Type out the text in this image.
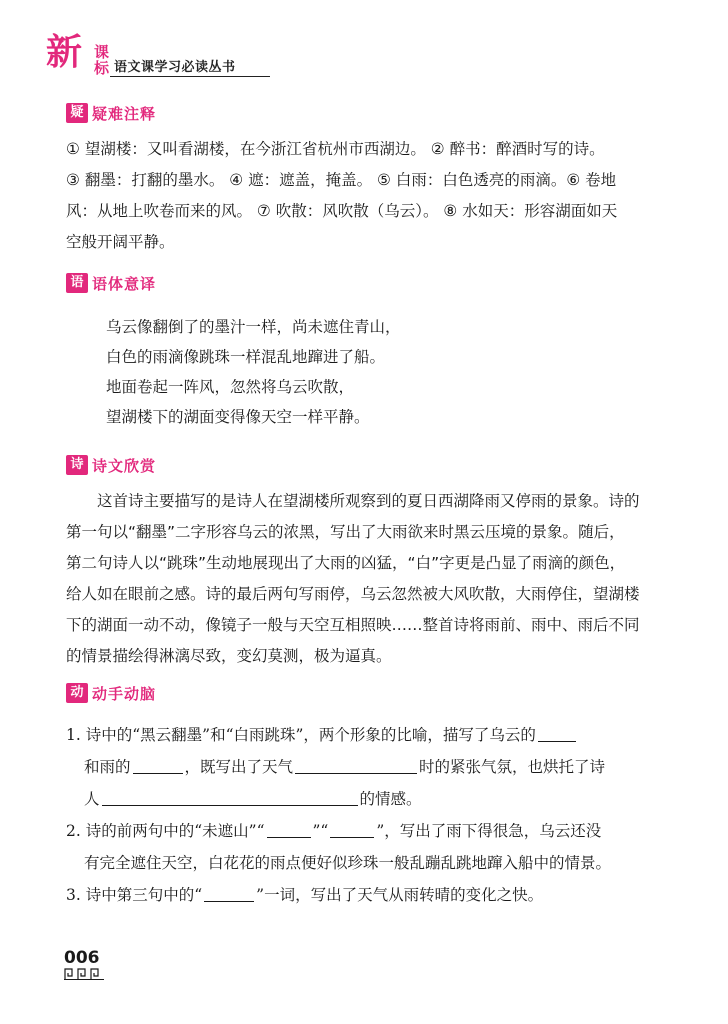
新 课
标 语文课学习必读丛书
疑 疑难注释
① 望湖楼：又叫看湖楼，在今浙江省杭州市西湖边。 ② 醉书：醉酒时写的诗。
③ 翻墨：打翻的墨水。 ④ 遮：遮盖，掩盖。 ⑤ 白雨：白色透亮的雨滴。⑥ 卷地
风：从地上吹卷而来的风。 ⑦ 吹散：风吹散（乌云）。 ⑧ 水如天：形容湖面如天
空般开阔平静。
语 语体意译
乌云像翻倒了的墨汁一样，尚未遮住青山，
白色的雨滴像跳珠一样混乱地蹿进了船。
地面卷起一阵风，忽然将乌云吹散，
望湖楼下的湖面变得像天空一样平静。
诗 诗文欣赏
这首诗主要描写的是诗人在望湖楼所观察到的夏日西湖降雨又停雨的景象。诗的
第一句以“翻墨”二字形容乌云的浓黑，写出了大雨欲来时黑云压境的景象。随后，
第二句诗人以“跳珠”生动地展现出了大雨的凶猛，“白”字更是凸显了雨滴的颜色，
给人如在眼前之感。诗的最后两句写雨停，乌云忽然被大风吹散，大雨停住，望湖楼
下的湖面一动不动，像镜子一般与天空互相照映……整首诗将雨前、雨中、雨后不同
的情景描绘得淋漓尽致，变幻莫测，极为逼真。
动 动手动脑
1. 诗中的“黑云翻墨”和“白雨跳珠”，两个形象的比喻，描写了乌云的
和雨的	，既写出了天气	时的紧张气氛，也烘托了诗
人	的情感。
2. 诗的前两句中的“未遮山”“	”“	”，写出了雨下得很急，乌云还没
有完全遮住天空，白花花的雨点便好似珍珠一般乱蹦乱跳地蹿入船中的情景。
3. 诗中第三句中的“	”一词，写出了天气从雨转晴的变化之快。
006
